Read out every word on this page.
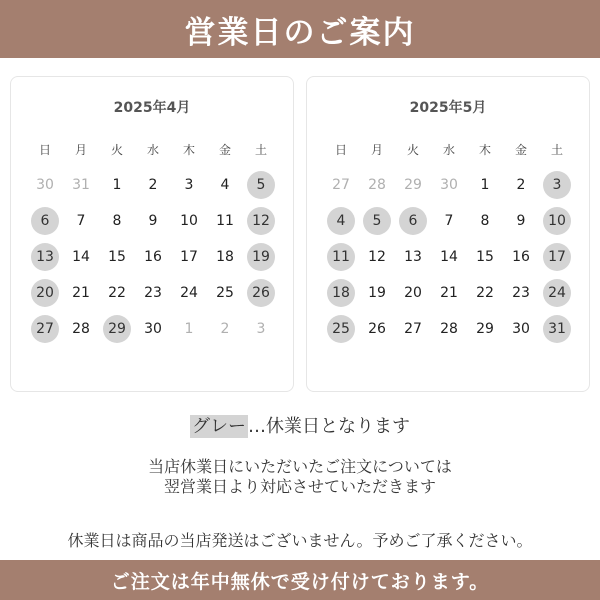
営業日のご案内
2025年4月
日	月	火	水	木	金	土
30	31	1	2	3	4	5
6	7	8	9	10	11	12
13	14	15	16	17	18	19
20	21	22	23	24	25	26
27	28	29	30	1	2	3
2025年5月
日	月	火	水	木	金	土
27	28	29	30	1	2	3
4	5	6	7	8	9	10
11	12	13	14	15	16	17
18	19	20	21	22	23	24
25	26	27	28	29	30	31
グレー …休業日となります
当店休業日にいただいたご注文については
翌営業日より対応させていただきます
休業日は商品の当店発送はございません。予めご了承ください。
ご注文は年中無休で受け付けております。
